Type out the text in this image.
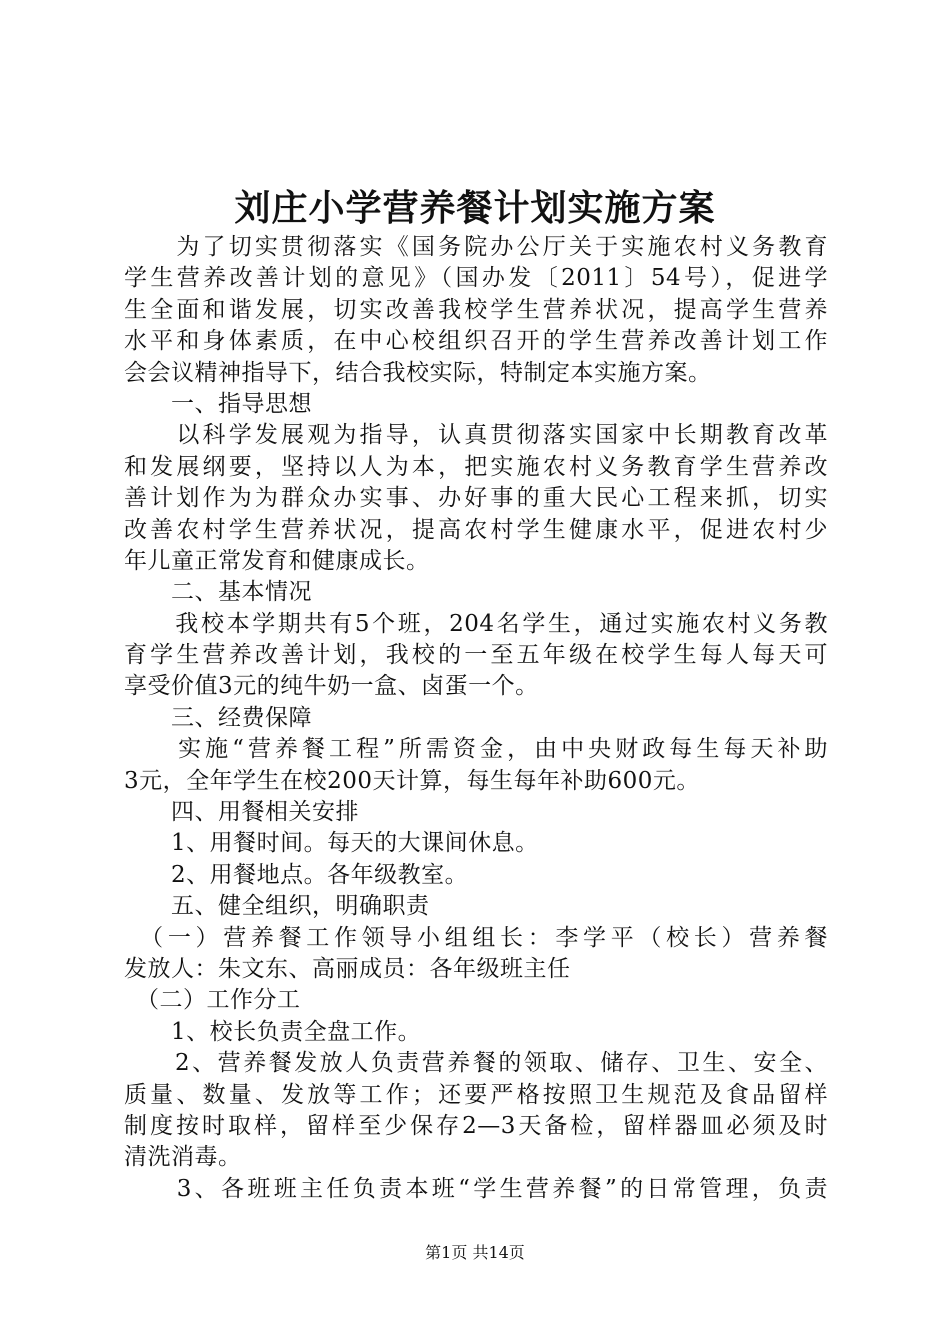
刘庄小学营养餐计划实施方案
　　为了切实贯彻落实《国务院办公厅关于实施农村义务教育
学生营养改善计划的意见》（国办发〔2011〕54号），促进学
生全面和谐发展，切实改善我校学生营养状况，提高学生营养
水平和身体素质，在中心校组织召开的学生营养改善计划工作
会会议精神指导下，结合我校实际，特制定本实施方案。
　　一、指导思想
　　以科学发展观为指导，认真贯彻落实国家中长期教育改革
和发展纲要，坚持以人为本，把实施农村义务教育学生营养改
善计划作为为群众办实事、办好事的重大民心工程来抓，切实
改善农村学生营养状况，提高农村学生健康水平，促进农村少
年儿童正常发育和健康成长。
　　二、基本情况
　　我校本学期共有5个班，204名学生，通过实施农村义务教
育学生营养改善计划，我校的一至五年级在校学生每人每天可
享受价值3元的纯牛奶一盒、卤蛋一个。
　　三、经费保障
　　实施“营养餐工程”所需资金，由中央财政每生每天补助
3元，全年学生在校200天计算，每生每年补助600元。
　　四、用餐相关安排
　　1、用餐时间。每天的大课间休息。
　　2、用餐地点。各年级教室。
　　五、健全组织，明确职责
　（一）营养餐工作领导小组组长：李学平（校长）营养餐
发放人：朱文东、高丽成员：各年级班主任
　（二）工作分工
　　1、校长负责全盘工作。
　　2、营养餐发放人负责营养餐的领取、储存、卫生、安全、
质量、数量、发放等工作；还要严格按照卫生规范及食品留样
制度按时取样，留样至少保存2—3天备检，留样器皿必须及时
清洗消毒。
　　3、各班班主任负责本班“学生营养餐”的日常管理，负责
第1页 共14页
